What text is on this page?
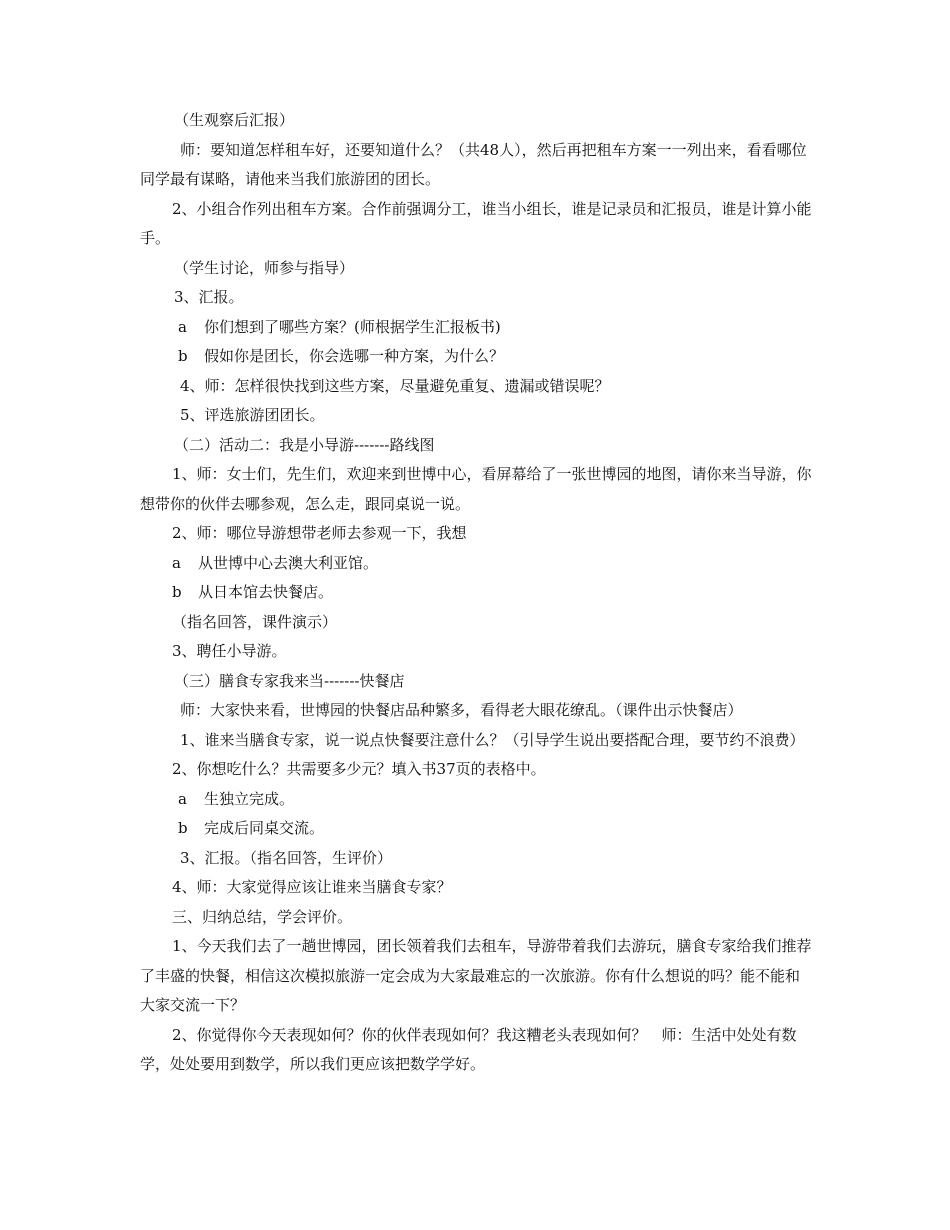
（生观察后汇报）

师：要知道怎样租车好，还要知道什么？（共48人），然后再把租车方案一一列出来，看看哪位同学最有谋略，请他来当我们旅游团的团长。

2、小组合作列出租车方案。合作前强调分工，谁当小组长，谁是记录员和汇报员，谁是计算小能手。

（学生讨论，师参与指导）

3、汇报。

a 你们想到了哪些方案？(师根据学生汇报板书)

b 假如你是团长，你会选哪一种方案，为什么？

4、师：怎样很快找到这些方案，尽量避免重复、遗漏或错误呢？

5、评选旅游团团长。

（二）活动二：我是小导游-------路线图

1、师：女士们，先生们，欢迎来到世博中心，看屏幕给了一张世博园的地图，请你来当导游，你想带你的伙伴去哪参观，怎么走，跟同桌说一说。

2、师：哪位导游想带老师去参观一下，我想

a 从世博中心去澳大利亚馆。

b 从日本馆去快餐店。

（指名回答，课件演示）

3、聘任小导游。

（三）膳食专家我来当-------快餐店

师：大家快来看，世博园的快餐店品种繁多，看得老大眼花缭乱。（课件出示快餐店）

1、谁来当膳食专家，说一说点快餐要注意什么？（引导学生说出要搭配合理，要节约不浪费）

2、你想吃什么？共需要多少元？填入书37页的表格中。

a 生独立完成。

b 完成后同桌交流。

3、汇报。（指名回答，生评价）

4、师：大家觉得应该让谁来当膳食专家？

三、归纳总结，学会评价。

1、今天我们去了一趟世博园，团长领着我们去租车，导游带着我们去游玩，膳食专家给我们推荐了丰盛的快餐，相信这次模拟旅游一定会成为大家最难忘的一次旅游。你有什么想说的吗？能不能和大家交流一下？

2、你觉得你今天表现如何？你的伙伴表现如何？我这糟老头表现如何？　师：生活中处处有数学，处处要用到数学，所以我们更应该把数学学好。
